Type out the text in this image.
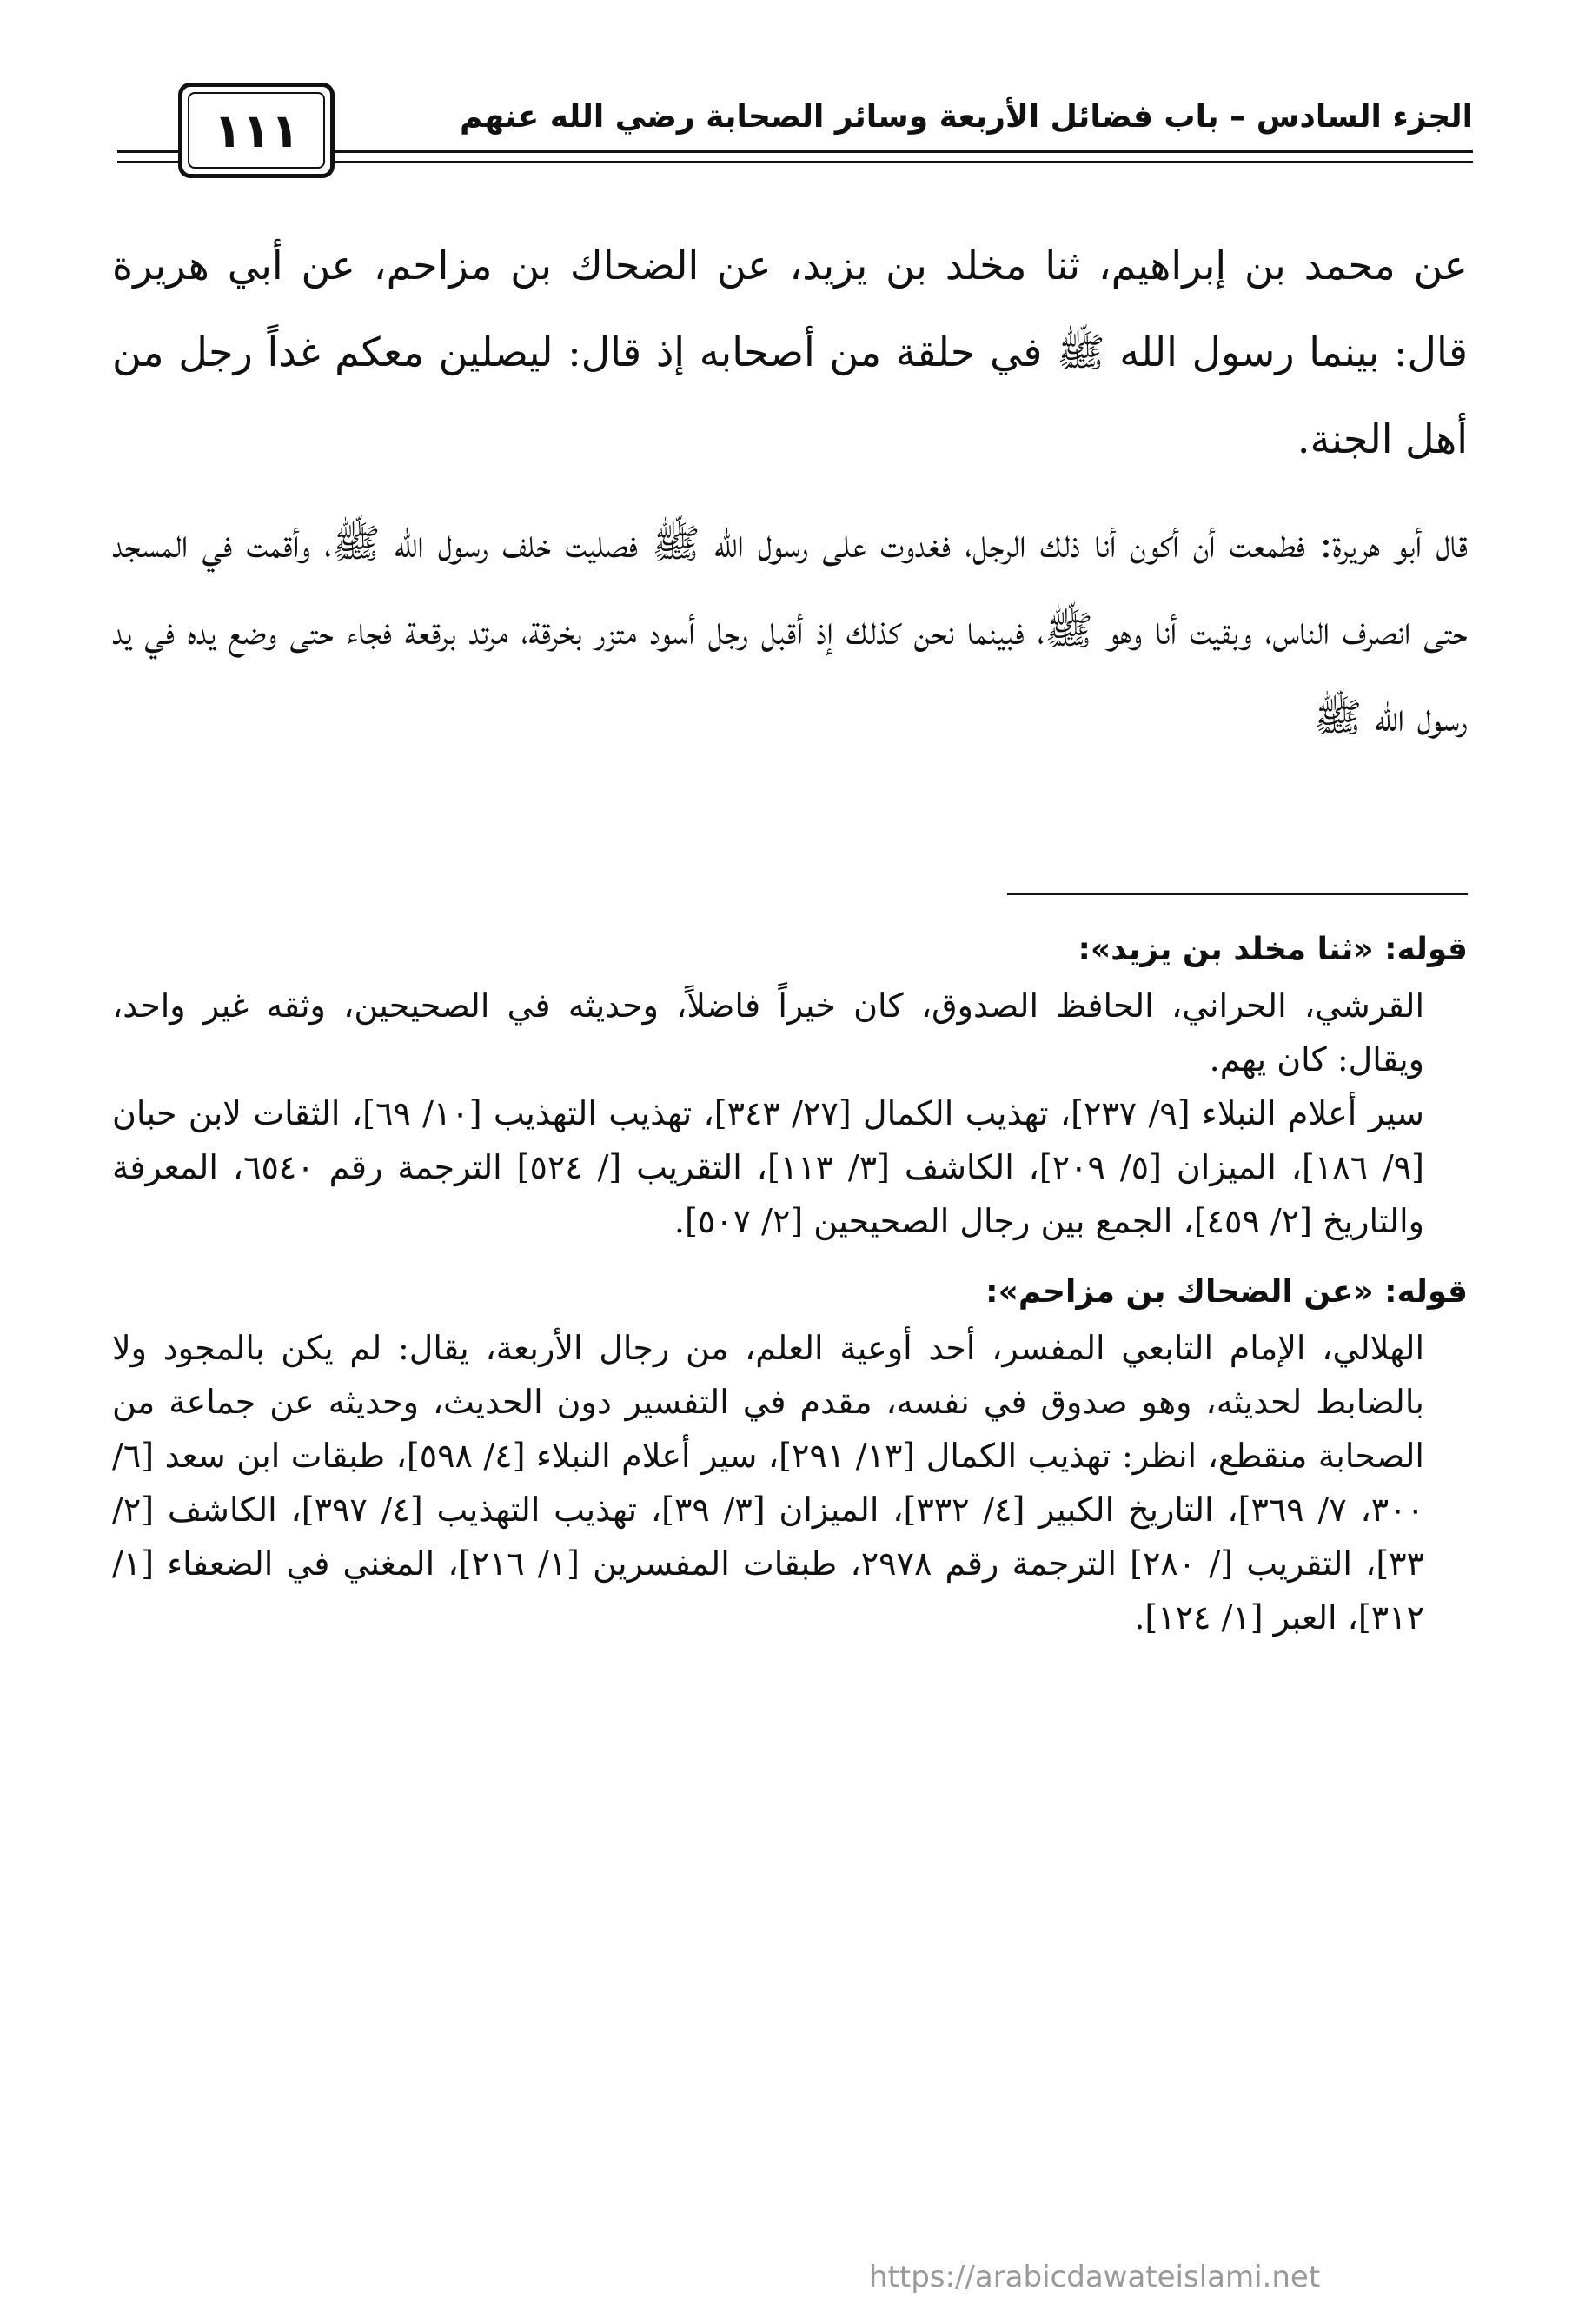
الجزء السادس – باب فضائل الأربعة وسائر الصحابة رضي الله عنهم
١١١

عن محمد بن إبراهيم، ثنا مخلد بن يزيد، عن الضحاك بن مزاحم، عن أبي هريرة قال: بينما رسول الله ﷺ في حلقة من أصحابه إذ قال: ليصلين معكم غداً رجل من أهل الجنة.

قال أبو هريرة: فطمعت أن أكون أنا ذلك الرجل، فغدوت على رسول الله ﷺ فصليت خلف رسول الله ﷺ، وأقمت في المسجد حتى انصرف الناس، وبقيت أنا وهو ﷺ، فبينما نحن كذلك إذ أقبل رجل أسود متزر بخرقة، مرتد برقعة فجاء حتى وضع يده في يد رسول الله ﷺ

قوله: «ثنا مخلد بن يزيد»:

القرشي، الحراني، الحافظ الصدوق، كان خيراً فاضلاً، وحديثه في الصحيحين، وثقه غير واحد، ويقال: كان يهم.

سير أعلام النبلاء [٩/ ٢٣٧]، تهذيب الكمال [٢٧/ ٣٤٣]، تهذيب التهذيب [١٠/ ٦٩]، الثقات لابن حبان [٩/ ١٨٦]، الميزان [٥/ ٢٠٩]، الكاشف [٣/ ١١٣]، التقريب [/ ٥٢٤] الترجمة رقم ٦٥٤٠، المعرفة والتاريخ [٢/ ٤٥٩]، الجمع بين رجال الصحيحين [٢/ ٥٠٧].

قوله: «عن الضحاك بن مزاحم»:

الهلالي، الإمام التابعي المفسر، أحد أوعية العلم، من رجال الأربعة، يقال: لم يكن بالمجود ولا بالضابط لحديثه، وهو صدوق في نفسه، مقدم في التفسير دون الحديث، وحديثه عن جماعة من الصحابة منقطع، انظر: تهذيب الكمال [١٣/ ٢٩١]، سير أعلام النبلاء [٤/ ٥٩٨]، طبقات ابن سعد [٦/ ٣٠٠، ٧/ ٣٦٩]، التاريخ الكبير [٤/ ٣٣٢]، الميزان [٣/ ٣٩]، تهذيب التهذيب [٤/ ٣٩٧]، الكاشف [٢/ ٣٣]، التقريب [/ ٢٨٠] الترجمة رقم ٢٩٧٨، طبقات المفسرين [١/ ٢١٦]، المغني في الضعفاء [١/ ٣١٢]، العبر [١/ ١٢٤].

https://arabicdawateislami.net
